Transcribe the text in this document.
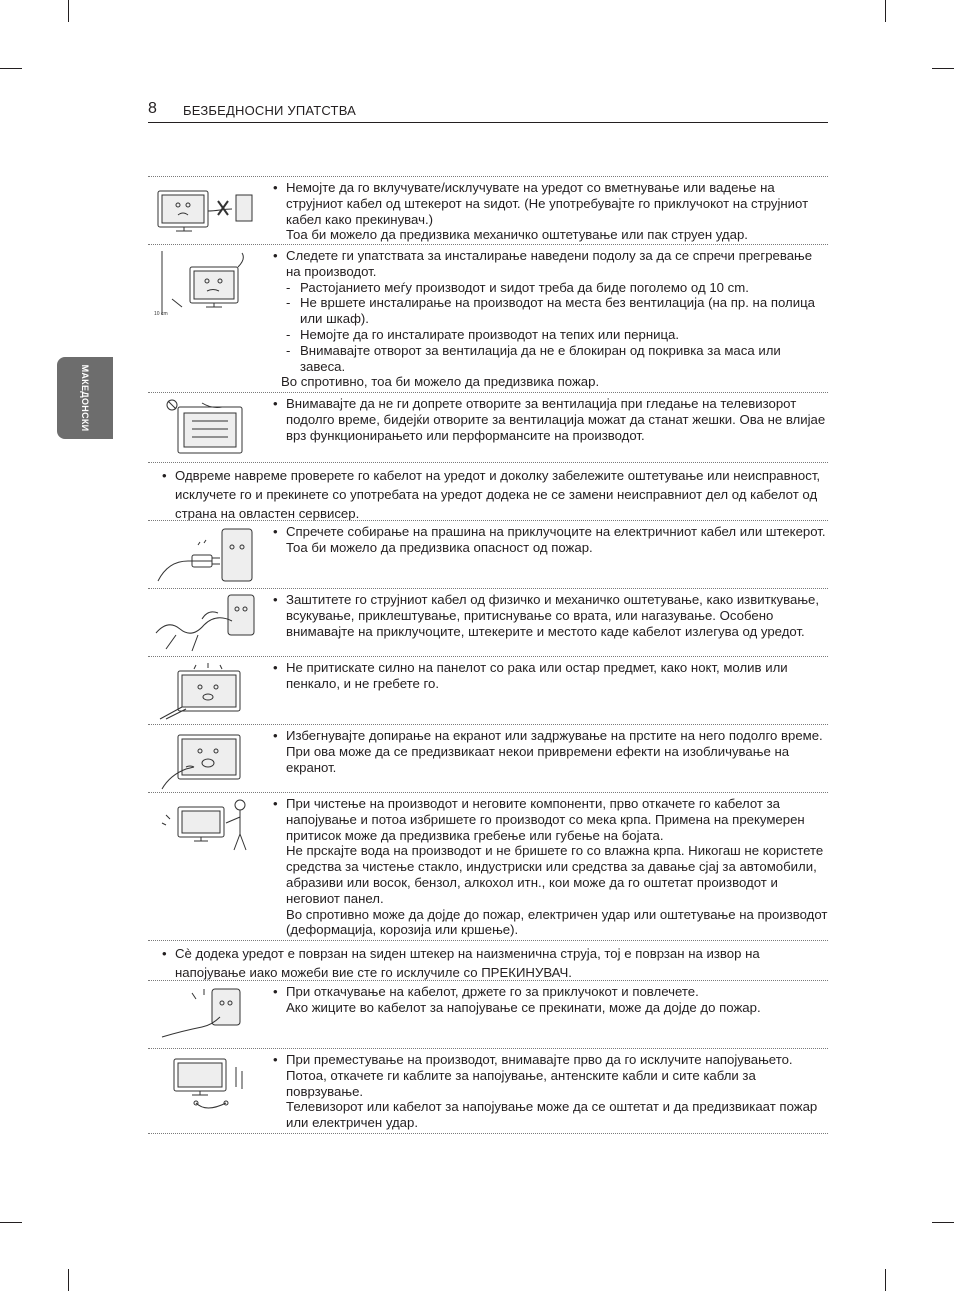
8 БЕЗБЕДНОСНИ УПАТСТВА
МАКЕДОНСКИ
• Немојте да го вклучувате/исклучувате на уредот со вметнување или вадење на струјниот кабел од штекерот на ѕидот. (Не употребувајте го приклучокот на струјниот кабел како прекинувач.)
Тоа би можело да предизвика механичко оштетување или пак струен удар.
10 cm
• Следете ги упатствата за инсталирање наведени подолу за да се спречи прегревање на производот.
- Растојанието меѓу производот и ѕидот треба да биде поголемо од 10 cm.
- Не вршете инсталирање на производот на места без вентилација (на пр. на полица или шкаф).
- Немојте да го инсталирате производот на тепих или перница.
- Внимавајте отворот за вентилација да не е блокиран од покривка за маса или завеса.
Во спротивно, тоа би можело да предизвика пожар.
• Внимавајте да не ги допрете отворите за вентилација при гледање на телевизорот подолго време, бидејќи отворите за вентилација можат да станат жешки. Ова не влијае врз функционирањето или перформансите на производот.
• Одвреме навреме проверете го кабелот на уредот и доколку забележите оштетување или неисправност, исклучете го и прекинете со употребата на уредот додека не се замени неисправниот дел од кабелот од страна на овластен сервисер.
• Спречете собирање на прашина на приклучоците на електричниот кабел или штекерот.
Тоа би можело да предизвика опасност од пожар.
• Заштитете го струјниот кабел од физичко и механичко оштетување, како извиткување, всукување, приклештување, притиснување со врата, или нагазување. Особено внимавајте на приклучоците, штекерите и местото каде кабелот излегува од уредот.
• Не притискате силно на панелот со рака или остар предмет, како нокт, молив или пенкало, и не гребете го.
• Избегнувајте допирање на екранот или задржување на прстите на него подолго време. При ова може да се предизвикаат некои привремени ефекти на изобличување на екранот.
• При чистење на производот и неговите компоненти, прво откачете го кабелот за напојување и потоа избришете го производот со мека крпа. Примена на прекумерен притисок може да предизвика гребење или губење на бојата.
Не прскајте вода на производот и не бришете го со влажна крпа. Никогаш не користете средства за чистење стакло, индустриски или средства за давање сјај за автомобили, абразиви или восок, бензол, алкохол итн., кои може да го оштетат производот и неговиот панел.
Во спротивно може да дојде до пожар, електричен удар или оштетување на производот (деформација, корозија или кршење).
• Сè додека уредот е поврзан на ѕиден штекер на наизменична струја, тој е поврзан на извор на напојување иако можеби вие сте го исклучиле со ПРЕКИНУВАЧ.
• При откачување на кабелот, држете го за приклучокот и повлечете.
Ако жиците во кабелот за напојување се прекинати, може да дојде до пожар.
• При преместување на производот, внимавајте прво да го исклучите напојувањето. Потоа, откачете ги каблите за напојување, антенските кабли и сите кабли за поврзување.
Телевизорот или кабелот за напојување може да се оштетат и да предизвикаат пожар или електричен удар.
